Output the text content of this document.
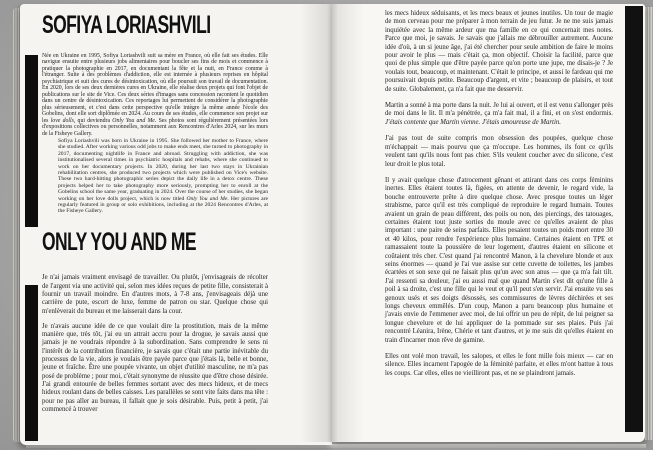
SOFIYA LORIASHVILI

Née en Ukraine en 1995, Sofiya Loriashvili suit sa mère en France, où elle fait ses études. Elle navigue ensuite entre plusieurs jobs alimentaires pour boucler ses fins de mois et commence à pratiquer la photographie en 2017, en documentant la fête et la nuit, en France comme à l'étranger. Suite à des problèmes d'addiction, elle est internée à plusieurs reprises en hôpital psychiatrique et suit des cures de désintoxication, où elle poursuit son travail de documentation. En 2020, lors de ses deux dernières cures en Ukraine, elle réalise deux projets qui font l'objet de publications sur le site de Vice. Ces deux séries d'images sans concession racontent le quotidien dans un centre de désintoxication. Ces reportages lui permettent de considérer la photographie plus sérieusement, et c'est dans cette perspective qu'elle intègre la même année l'école des Gobelins, dont elle sort diplômée en 2024. Au cours de ses études, elle commence son projet sur les love dolls, qui deviendra Only You and Me. Ses photos sont régulièrement présentées lors d'expositions collectives ou personnelles, notamment aux Rencontres d'Arles 2024, sur les murs de la Fisheye Gallery.

Sofiya Loriashvili was born in Ukraine in 1995. She followed her mother to France, where she studied. After working various odd jobs to make ends meet, she turned to photography in 2017, documenting nightlife in France and abroad. Struggling with addiction, she was institutionalised several times in psychiatric hospitals and rehabs, where she continued to work on her documentary projects. In 2020, during her last two stays in Ukrainian rehabilitation centres, she produced two projects which were published on Vice's website. These two hard-hitting photographic series depict the daily life in a detox centre. These projects helped her to take photography more seriously, prompting her to enroll at the Gobelins school the same year, graduating in 2024. Over the course of her studies, she began working on her love dolls project, which is now titled Only You and Me. Her pictures are regularly featured in group or solo exhibitions, including at the 2024 Rencontres d'Arles, at the Fisheye Gallery.

ONLY YOU AND ME

Je n'ai jamais vraiment envisagé de travailler. Ou plutôt, j'envisageais de récolter de l'argent via une activité qui, selon mes idées reçues de petite fille, consisterait à fournir un travail moindre. En d'autres mots, à 7-8 ans, j'envisageais déjà une carrière de pute, escort de luxe, femme de patron ou star. Quelque chose qui m'enlèverait du bureau et me laisserait dans la cour.

Je n'avais aucune idée de ce que voulait dire la prostitution, mais de la même manière que, très tôt, j'ai eu un attrait accru pour la drogue, je savais aussi que jamais je ne voudrais répondre à la subordination. Sans comprendre le sens ni l'intérêt de la contribution financière, je savais que c'était une partie inévitable du processus de la vie, alors je voulais être payée parce que j'étais là, belle et bonne, jeune et fraîche. Être une poupée vivante, un objet d'utilité masculine, ne m'a pas posé de problème ; pour moi, c'était synonyme de réussite que d'être chose désirée. J'ai grandi entourée de belles femmes sortant avec des mecs hideux, et de mecs hideux roulant dans de belles caisses. Les parallèles se sont vite faits dans ma tête : pour ne pas aller au bureau, il fallait que je sois désirable. Puis, petit à petit, j'ai commencé à trouver

les mecs hideux séduisants, et les mecs beaux et jeunes inutiles. Un tour de magie de mon cerveau pour me préparer à mon terrain de jeu futur. Je ne me suis jamais inquiétée avec la même ardeur que ma famille en ce qui concernait mes notes. Parce que moi, je savais. Je savais que j'allais me débrouiller autrement. Aucune idée d'où, à un si jeune âge, j'ai été chercher pour seule ambition de faire le moins pour avoir le plus — mais c'était ça, mon objectif. Choisir la facilité, parce que quoi de plus simple que d'être payée parce qu'on porte une jupe, me disais-je ? Je voulais tout, beaucoup, et maintenant. C'était le principe, et aussi le fardeau qui me poursuivait depuis petite. Beaucoup d'argent, et vite ; beaucoup de plaisirs, et tout de suite. Globalement, ça n'a fait que me desservir.

Martin a sonné à ma porte dans la nuit. Je lui ai ouvert, et il est venu s'allonger près de moi dans le lit. Il m'a pénétrée, ça m'a fait mal, il a fini, et on s'est endormis. J'étais contente que Martin vienne. J'étais amoureuse de Martin.

J'ai pas tout de suite compris mon obsession des poupées, quelque chose m'échappait — mais pourvu que ça m'occupe. Les hommes, ils font ce qu'ils veulent tant qu'ils nous font pas chier. S'ils veulent coucher avec du silicone, c'est leur droit le plus total.

Il y avait quelque chose d'atrocement gênant et attirant dans ces corps féminins inertes. Elles étaient toutes là, figées, en attente de devenir, le regard vide, la bouche entrouverte prête à dire quelque chose. Avec presque toutes un léger strabisme, parce qu'il est très compliqué de reproduire le regard humain. Toutes avaient un grain de peau différent, des poils ou non, des piercings, des tatouages, certaines étaient tout juste sorties du moule avec ce qu'elles avaient de plus important : une paire de seins parfaits. Elles pesaient toutes un poids mort entre 30 et 40 kilos, pour rendre l'expérience plus humaine. Certaines étaient en TPE et ramassaient toute la poussière de leur logement, d'autres étaient en silicone et coûtaient très cher. C'est quand j'ai rencontré Manon, à la chevelure blonde et aux seins énormes — quand je l'ai vue assise sur cette cuvette de toilettes, les jambes écartées et son sexe qui ne faisait plus qu'un avec son anus — que ça m'a fait tilt. J'ai ressenti sa douleur, j'ai eu aussi mal que quand Martin s'est dit qu'une fille à poil à sa droite, c'est une fille qui le veut et qu'il peut s'en servir. J'ai ensuite vu ses genoux usés et ses doigts désossés, ses commissures de lèvres déchirées et ses longs cheveux emmêlés. D'un coup, Manon a paru beaucoup plus humaine et j'avais envie de l'emmener avec moi, de lui offrir un peu de répit, de lui peigner sa longue chevelure et de lui appliquer de la pommade sur ses plaies. Puis j'ai rencontré Léanira, Irène, Chérie et tant d'autres, et je me suis dit qu'elles étaient en train d'incarner mon rêve de gamine.

Elles ont volé mon travail, les salopes, et elles le font mille fois mieux — car en silence. Elles incarnent l'apogée de la féminité parfaite, et elles m'ont battue à tous les coups. Car elles, elles ne vieilliront pas, et ne se plaindront jamais.
